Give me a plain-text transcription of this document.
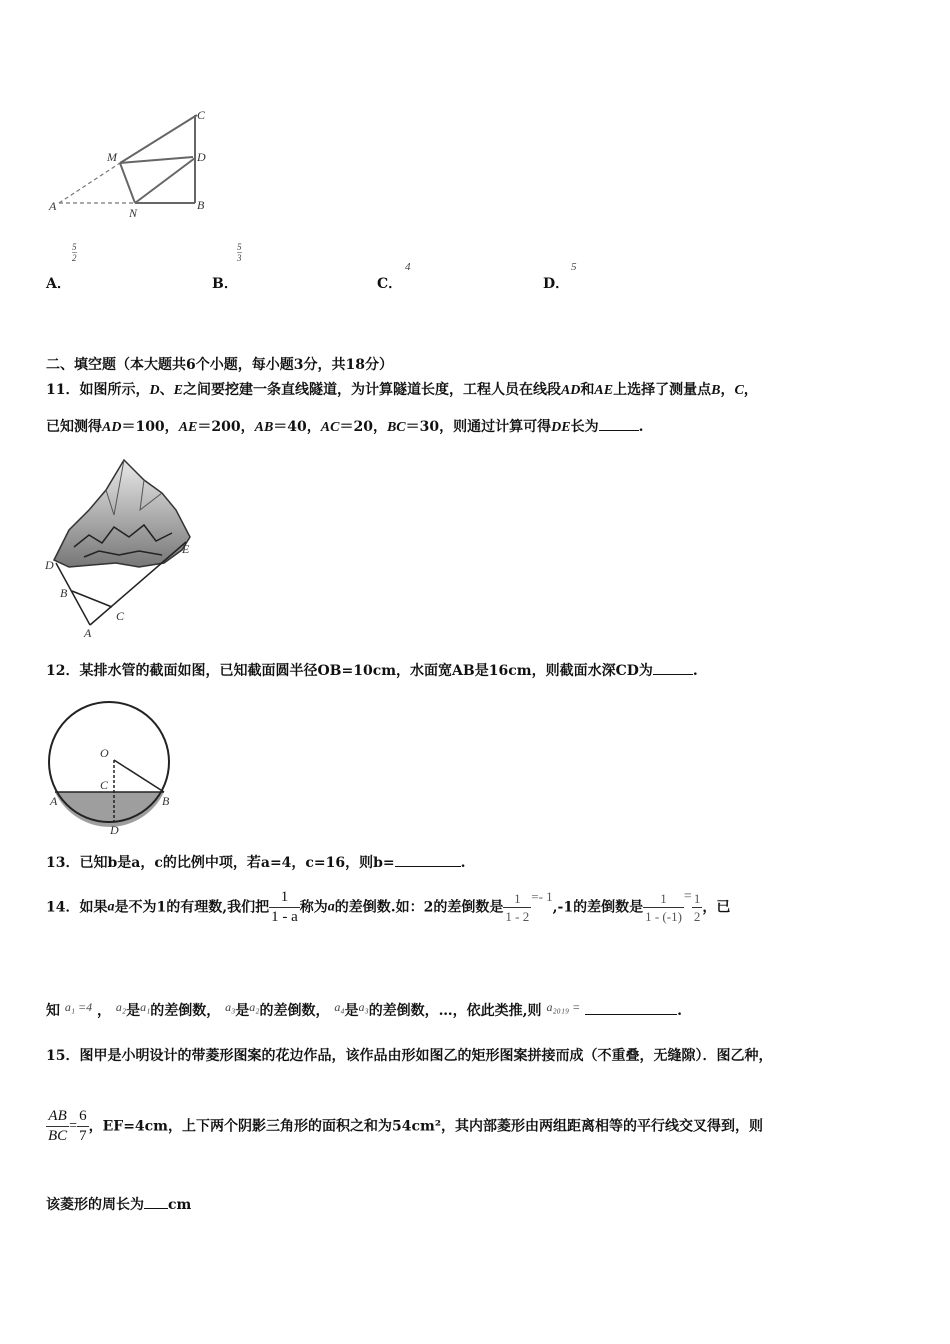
A
M
N
C
D
B
A．
$\frac{5}{2}$
B．
$\frac{5}{3}$
C．
4
D．
5
二、填空题（本大题共6个小题，每小题3分，共18分）
11．如图所示，D、E之间要挖建一条直线隧道，为计算隧道长度，工程人员在线段AD和AE上选择了测量点B，C，
已知测得AD＝100，AE＝200，AB＝40，AC＝20，BC＝30，则通过计算可得DE长为	.
D
E
B
C
A
12．某排水管的截面如图，已知截面圆半径OB=10cm，水面宽AB是16cm，则截面水深CD为	.
O
C
A	B
D
13．已知b是a，c的比例中项，若a=4，c=16，则b=	.
14．如果a是不为1的有理数,我们把 $\frac{1}{1 - a}$ 称为a的差倒数.如：2的差倒数是 $\frac{1}{1 - 2} =- 1,-1$的差倒数是 $\frac{1}{1 - (-1)} = \frac{1}{2}$ ，已
知 a₁ =4 ， a₂是a₁的差倒数， a₃是a₂的差倒数， a₄是a₃的差倒数，…，依此类推,则 a₂₀₁₉ =	.
15．图甲是小明设计的带菱形图案的花边作品，该作品由形如图乙的矩形图案拼接而成（不重叠，无缝隙）．图乙种，
$\frac{AB}{BC} = \frac{6}{7}$ ，EF=4cm，上下两个阴影三角形的面积之和为54cm²，其内部菱形由两组距离相等的平行线交叉得到，则
该菱形的周长为 cm
